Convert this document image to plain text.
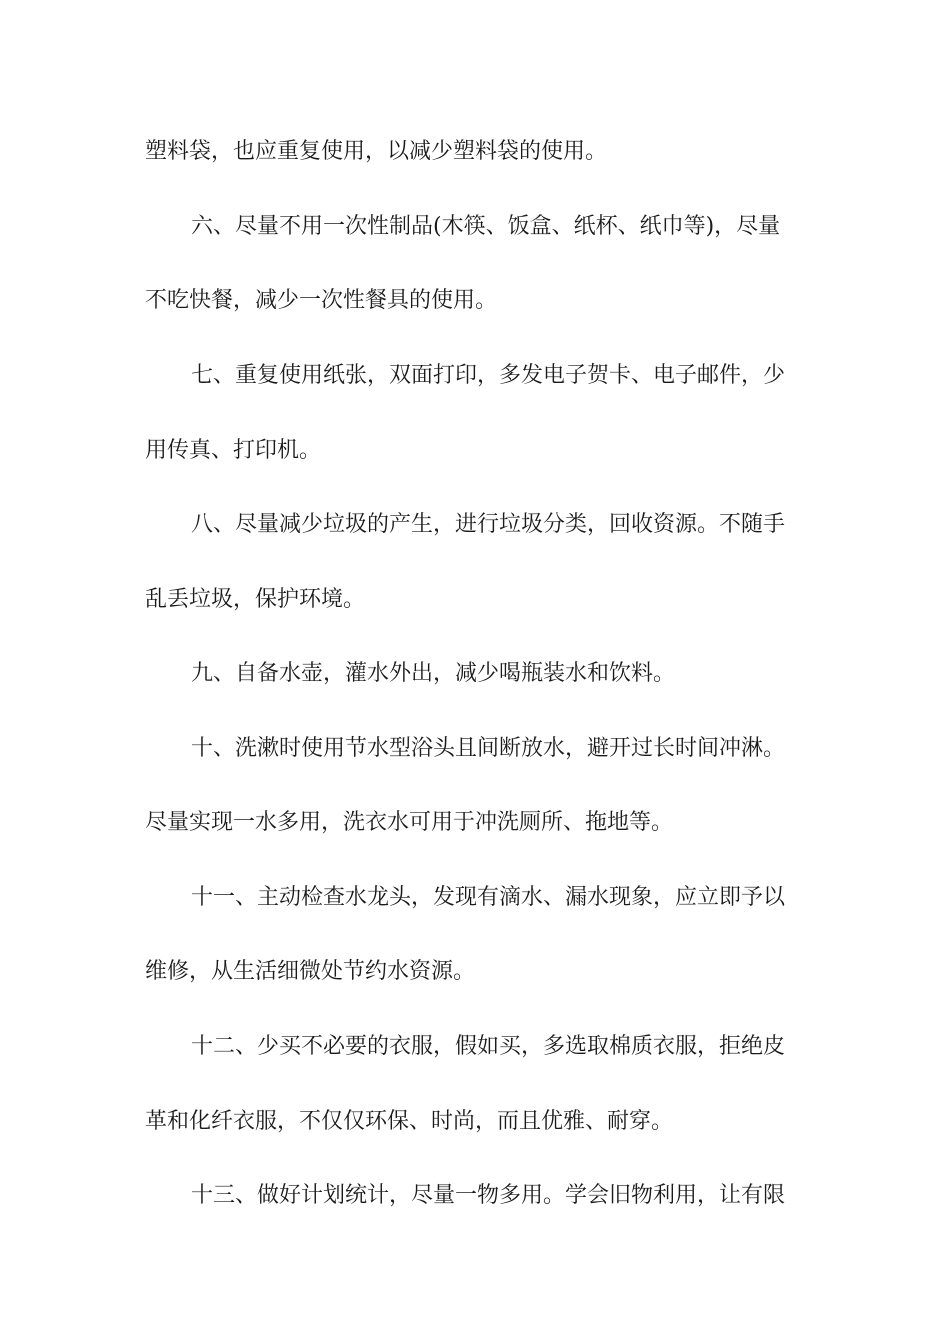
塑料袋，也应重复使用，以减少塑料袋的使用。

六、尽量不用一次性制品(木筷、饭盒、纸杯、纸巾等)，尽量

不吃快餐，减少一次性餐具的使用。

七、重复使用纸张，双面打印，多发电子贺卡、电子邮件，少

用传真、打印机。

八、尽量减少垃圾的产生，进行垃圾分类，回收资源。不随手

乱丢垃圾，保护环境。

九、自备水壶，灌水外出，减少喝瓶装水和饮料。

十、洗漱时使用节水型浴头且间断放水，避开过长时间冲淋。

尽量实现一水多用，洗衣水可用于冲洗厕所、拖地等。

十一、主动检查水龙头，发现有滴水、漏水现象，应立即予以

维修，从生活细微处节约水资源。

十二、少买不必要的衣服，假如买，多选取棉质衣服，拒绝皮

革和化纤衣服，不仅仅环保、时尚，而且优雅、耐穿。

十三、做好计划统计，尽量一物多用。学会旧物利用，让有限
